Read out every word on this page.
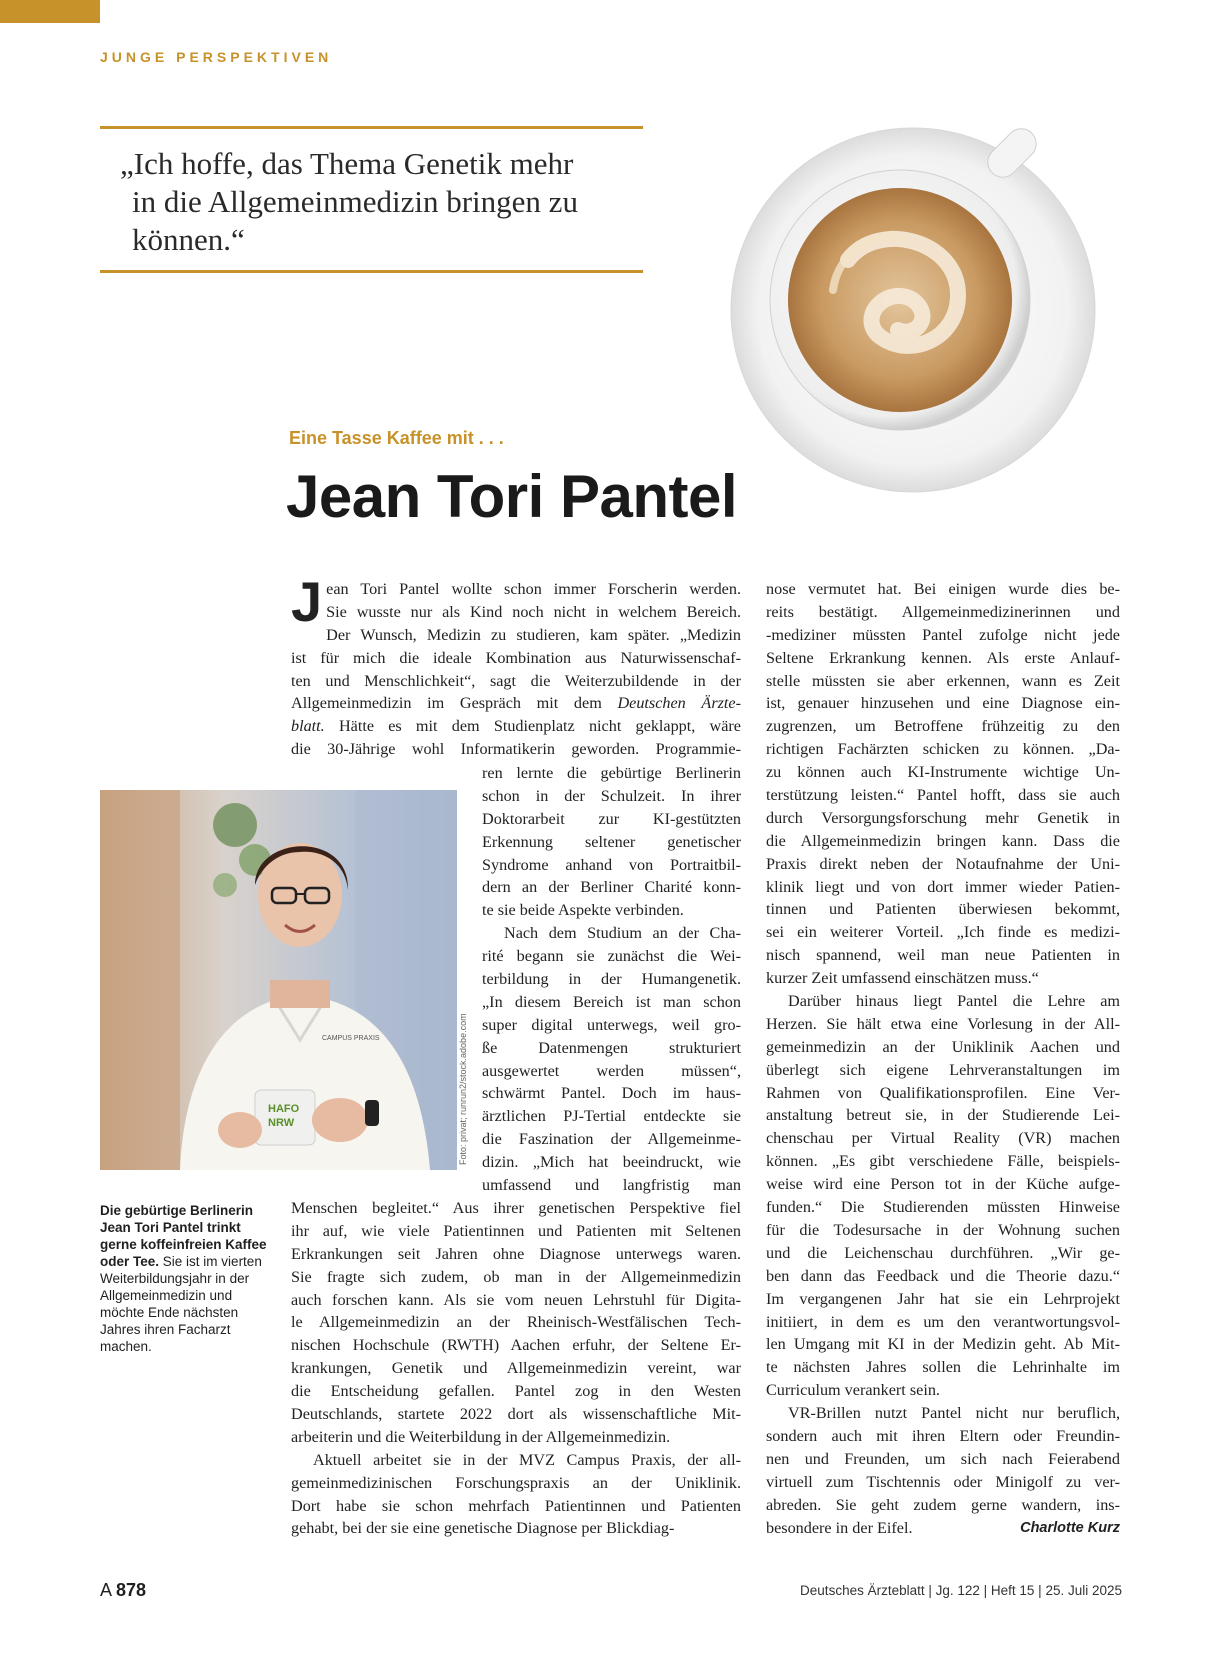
JUNGE PERSPEKTIVEN
„Ich hoffe, das Thema Genetik mehr
in die Allgemeinmedizin bringen zu
können.“
Eine Tasse Kaffee mit . . .
Jean Tori Pantel
J ean Tori Pantel wollte schon immer Forscherin werden.
Sie wusste nur als Kind noch nicht in welchem Bereich.
Der Wunsch, Medizin zu studieren, kam später. „Medizin
ist für mich die ideale Kombination aus Naturwissenschaf-
ten und Menschlichkeit“, sagt die Weiterzubildende in der
Allgemeinmedizin im Gespräch mit dem Deutschen Ärzte-
blatt. Hätte es mit dem Studienplatz nicht geklappt, wäre
die 30-Jährige wohl Informatikerin geworden. Programmie-
ren lernte die gebürtige Berlinerin
schon in der Schulzeit. In ihrer
Doktorarbeit zur KI-gestützten
Erkennung seltener genetischer
Syndrome anhand von Portraitbil-
dern an der Berliner Charité konn-
te sie beide Aspekte verbinden.
Nach dem Studium an der Cha-
rité begann sie zunächst die Wei-
terbildung in der Humangenetik.
„In diesem Bereich ist man schon
super digital unterwegs, weil gro-
ße Datenmengen strukturiert
ausgewertet werden müssen“,
schwärmt Pantel. Doch im haus-
ärztlichen PJ-Tertial entdeckte sie
die Faszination der Allgemeinme-
dizin. „Mich hat beeindruckt, wie
umfassend und langfristig man
Menschen begleitet.“ Aus ihrer genetischen Perspektive fiel
ihr auf, wie viele Patientinnen und Patienten mit Seltenen
Erkrankungen seit Jahren ohne Diagnose unterwegs waren.
Sie fragte sich zudem, ob man in der Allgemeinmedizin
auch forschen kann. Als sie vom neuen Lehrstuhl für Digita-
le Allgemeinmedizin an der Rheinisch-Westfälischen Tech-
nischen Hochschule (RWTH) Aachen erfuhr, der Seltene Er-
krankungen, Genetik und Allgemeinmedizin vereint, war
die Entscheidung gefallen. Pantel zog in den Westen
Deutschlands, startete 2022 dort als wissenschaftliche Mit-
arbeiterin und die Weiterbildung in der Allgemeinmedizin.
Aktuell arbeitet sie in der MVZ Campus Praxis, der all-
gemeinmedizinischen Forschungspraxis an der Uniklinik.
Dort habe sie schon mehrfach Patientinnen und Patienten
gehabt, bei der sie eine genetische Diagnose per Blickdiag-
nose vermutet hat. Bei einigen wurde dies be-
reits bestätigt. Allgemeinmedizinerinnen und
-mediziner müssten Pantel zufolge nicht jede
Seltene Erkrankung kennen. Als erste Anlauf-
stelle müssten sie aber erkennen, wann es Zeit
ist, genauer hinzusehen und eine Diagnose ein-
zugrenzen, um Betroffene frühzeitig zu den
richtigen Fachärzten schicken zu können. „Da-
zu können auch KI-Instrumente wichtige Un-
terstützung leisten.“ Pantel hofft, dass sie auch
durch Versorgungsforschung mehr Genetik in
die Allgemeinmedizin bringen kann. Dass die
Praxis direkt neben der Notaufnahme der Uni-
klinik liegt und von dort immer wieder Patien-
tinnen und Patienten überwiesen bekommt,
sei ein weiterer Vorteil. „Ich finde es medizi-
nisch spannend, weil man neue Patienten in
kurzer Zeit umfassend einschätzen muss.“
Darüber hinaus liegt Pantel die Lehre am
Herzen. Sie hält etwa eine Vorlesung in der All-
gemeinmedizin an der Uniklinik Aachen und
überlegt sich eigene Lehrveranstaltungen im
Rahmen von Qualifikationsprofilen. Eine Ver-
anstaltung betreut sie, in der Studierende Lei-
chenschau per Virtual Reality (VR) machen
können. „Es gibt verschiedene Fälle, beispiels-
weise wird eine Person tot in der Küche aufge-
funden.“ Die Studierenden müssten Hinweise
für die Todesursache in der Wohnung suchen
und die Leichenschau durchführen. „Wir ge-
ben dann das Feedback und die Theorie dazu.“
Im vergangenen Jahr hat sie ein Lehrprojekt
initiiert, in dem es um den verantwortungsvol-
len Umgang mit KI in der Medizin geht. Ab Mit-
te nächsten Jahres sollen die Lehrinhalte im
Curriculum verankert sein.
VR-Brillen nutzt Pantel nicht nur beruflich,
sondern auch mit ihren Eltern oder Freundin-
nen und Freunden, um sich nach Feierabend
virtuell zum Tischtennis oder Minigolf zu ver-
abreden. Sie geht zudem gerne wandern, ins-
besondere in der Eifel.	Charlotte Kurz
CAMPUS PRAXIS
HAFO
NRW	Foto: privat; runrun2/stock.adobe.com
Die gebürtige Berlinerin Jean Tori Pantel trinkt gerne koffeinfreien Kaffee oder Tee. Sie ist im vierten Weiterbildungsjahr in der Allgemeinmedizin und möchte Ende nächsten Jahres ihren Facharzt machen.
A 878	Deutsches Ärzteblatt | Jg. 122 | Heft 15 | 25. Juli 2025
